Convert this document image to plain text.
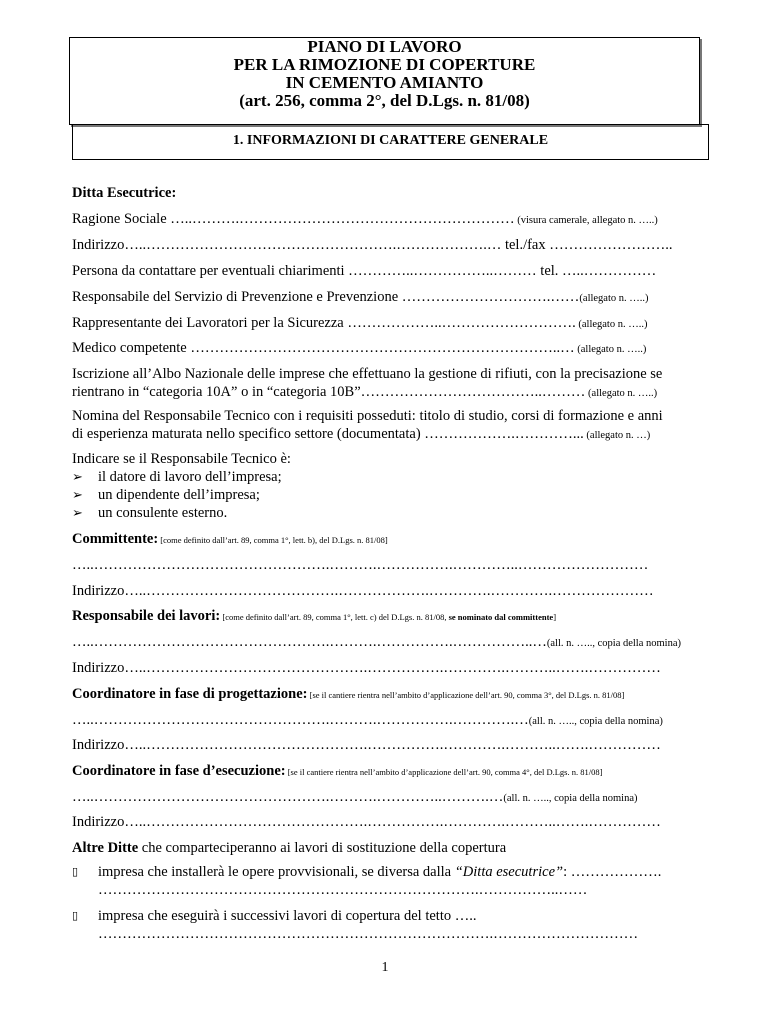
PIANO DI LAVORO
PER LA RIMOZIONE DI COPERTURE
IN CEMENTO AMIANTO
(art. 256, comma 2°, del D.Lgs. n. 81/08)
1. INFORMAZIONI DI CARATTERE GENERALE
Ditta Esecutrice:
Ragione Sociale …..……….………………………………………………… (visura camerale, allegato n. …..)
Indirizzo…..…………………………………………….……………….… tel./fax ……………………..
Persona da contattare per eventuali chiarimenti …………..……………..……… tel. …..……………
Responsabile del Servizio di Prevenzione e Prevenzione ………………………….……(allegato n. …..)
Rappresentante dei Lavoratori per la Sicurezza ………………..………………………. (allegato n. …..)
Medico competente …………………………………………………………………..… (allegato n. …..)
Iscrizione all’Albo Nazionale delle imprese che effettuano la gestione di rifiuti, con la precisazione se
rientrano in “categoria 10A” o in “categoria 10B”………………………………..……… (allegato n. …..)
Nomina del Responsabile Tecnico con i requisiti posseduti: titolo di studio, corsi di formazione e anni
di esperienza maturata nello specifico settore (documentata) ……………….…………... (allegato n. …)
Indicare se il Responsabile Tecnico è:
➢ il datore di lavoro dell’impresa;
➢ un dipendente dell’impresa;
➢ un consulente esterno.
Committente: [come definito dall’art. 89, comma 1°, lett. b), del D.Lgs. n. 81/08]
…..………………………………………….……….…………….…………..………………………
Indirizzo…..………………………………….……………….………….………….…………………
Responsabile dei lavori: [come definito dall’art. 89, comma 1°, lett. c) del D.Lgs. n. 81/08, se nominato dal committente]
…..………………………………………….……….…………….……………..…(all. n. ….., copia della nomina)
Indirizzo…..……………………………………….…………….………….………..…….……………
Coordinatore in fase di progettazione: [se il cantiere rientra nell’ambito d’applicazione dell’art. 90, comma 3°, del D.Lgs. n. 81/08]
…..………………………………………….……….…………….………….…(all. n. ….., copia della nomina)
Indirizzo…..……………………………………….…………….………….………..…….……………
Coordinatore in fase d’esecuzione: [se il cantiere rientra nell’ambito d’applicazione dell’art. 90, comma 4°, del D.Lgs. n. 81/08]
…..………………………………………….……….…………..……….…(all. n. ….., copia della nomina)
Indirizzo…..……………………………………….…………….………….………..…….……………
Altre Ditte che comparteciperanno ai lavori di sostituzione della copertura
▯ impresa che installerà le opere provvisionali, se diversa dalla “Ditta esecutrice”: ……………….
…………………………………………………………………….……………..……
▯ impresa che eseguirà i successivi lavori di copertura del tetto …..
……………………………………………………………………….…………………………
1
